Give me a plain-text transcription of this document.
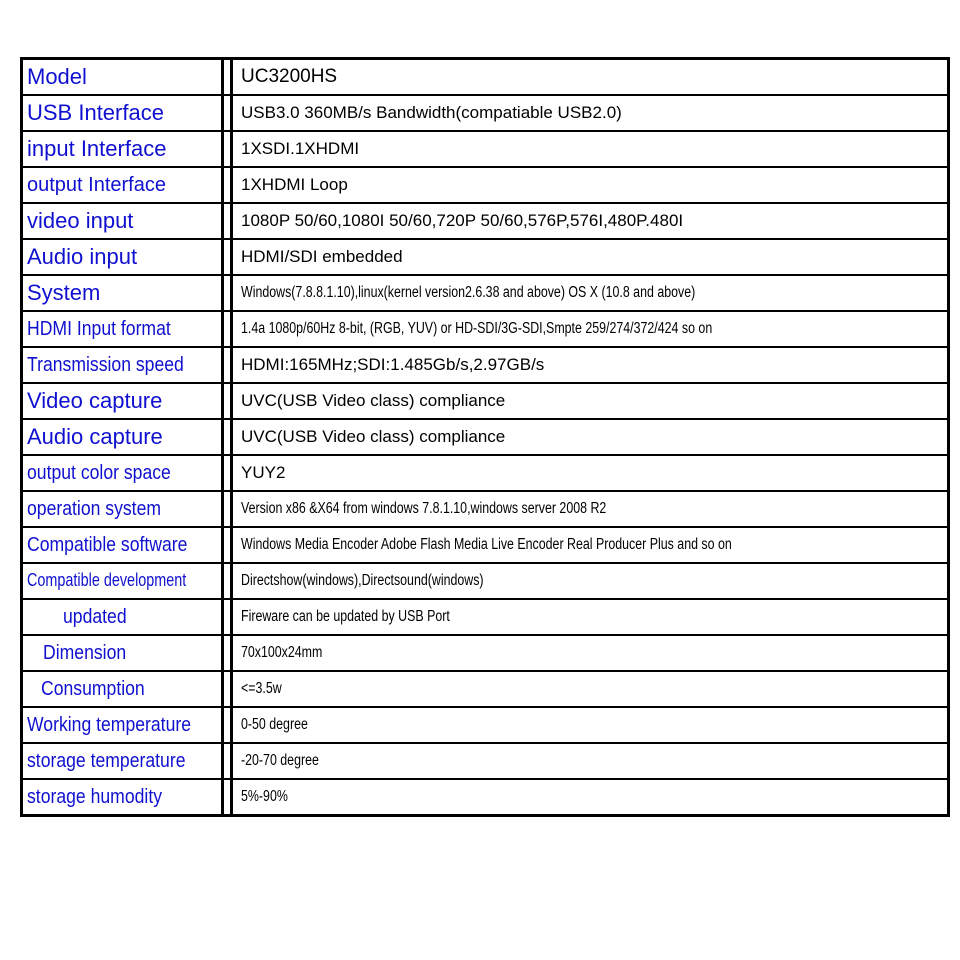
Model		UC3200HS
USB Interface		USB3.0 360MB/s Bandwidth(compatiable USB2.0)
input Interface		1XSDI.1XHDMI
output Interface		1XHDMI Loop
video input		1080P 50/60,1080I 50/60,720P 50/60,576P,576I,480P.480I
Audio input		HDMI/SDI embedded
System		Windows(7.8.8.1.10),linux(kernel version2.6.38 and above) OS X (10.8 and above)
HDMI Input format		1.4a 1080p/60Hz 8-bit, (RGB, YUV) or HD-SDI/3G-SDI,Smpte 259/274/372/424 so on
Transmission speed		HDMI:165MHz;SDI:1.485Gb/s,2.97GB/s
Video capture		UVC(USB Video class) compliance
Audio capture		UVC(USB Video class) compliance
output color space		YUY2
operation system		Version x86 &X64 from windows 7.8.1.10,windows server 2008 R2
Compatible software		Windows Media Encoder Adobe Flash Media Live Encoder Real Producer Plus and so on
Compatible development		Directshow(windows),Directsound(windows)
updated		Fireware can be updated by USB Port
Dimension		70x100x24mm
Consumption		<=3.5w
Working temperature		0-50 degree
storage temperature		-20-70 degree
storage humodity		5%-90%
